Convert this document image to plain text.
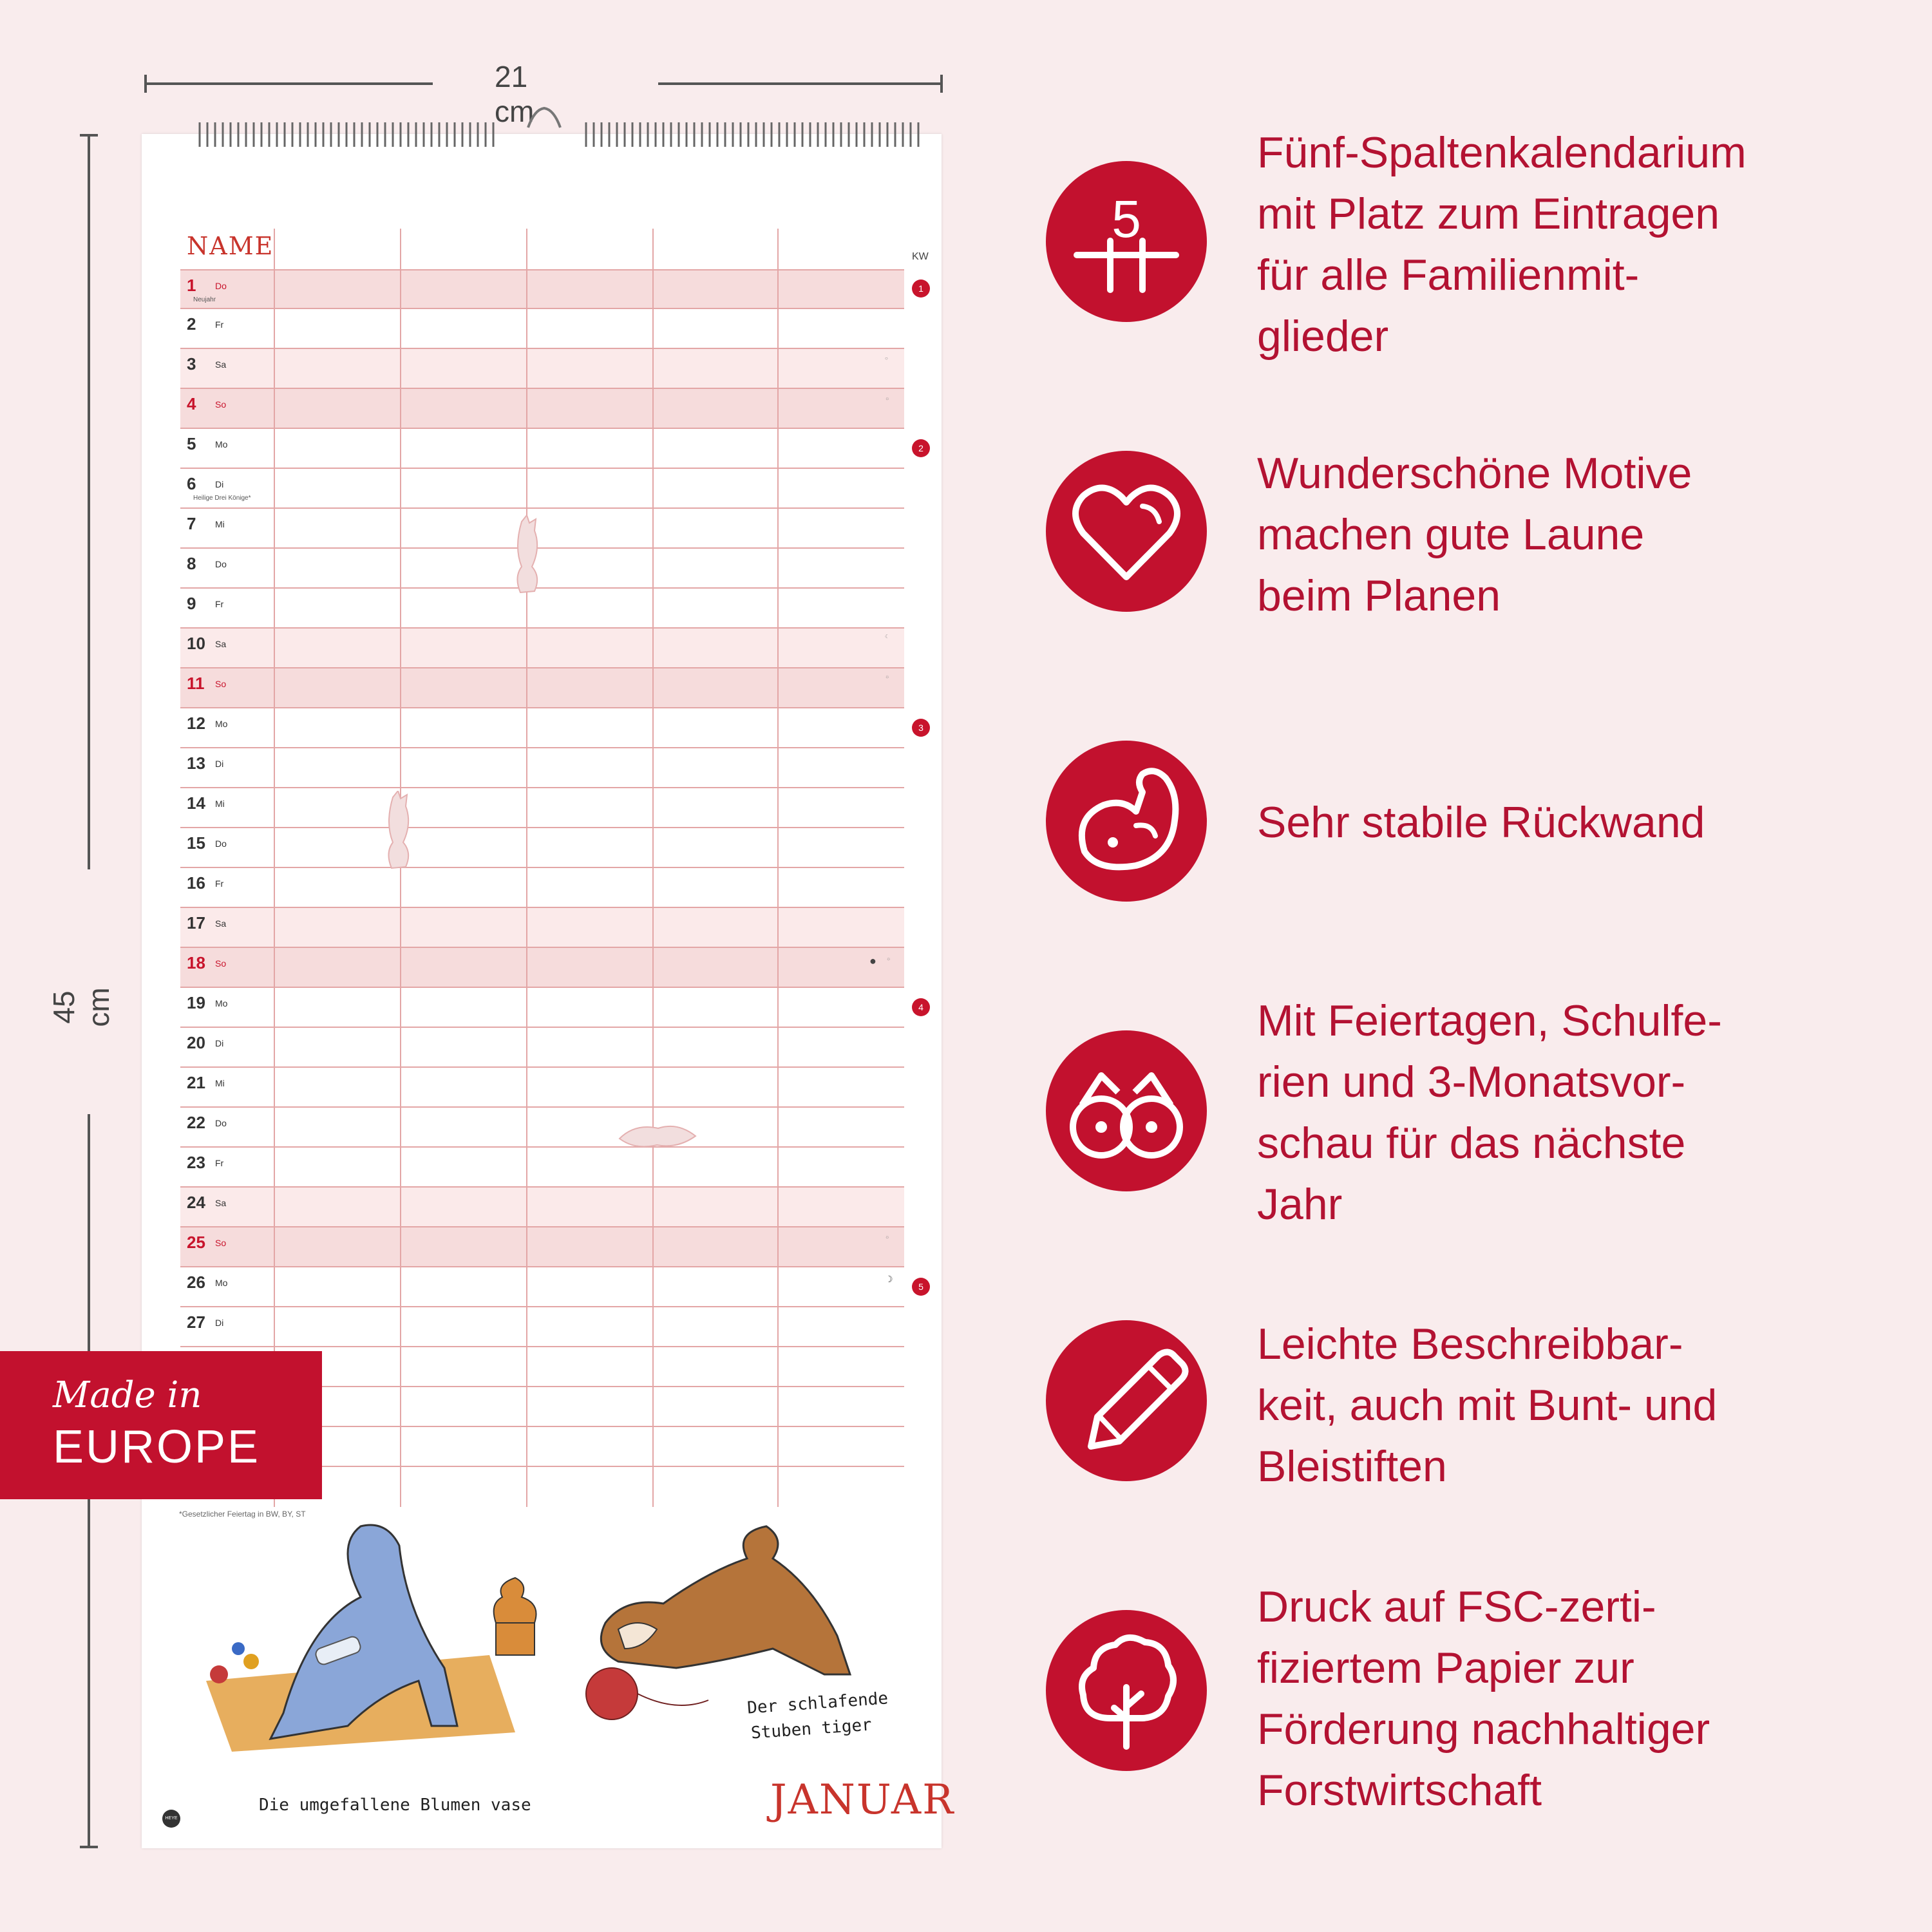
21 cm
45 cm
NAME	KW
1 Do
Neujahr
2 Fr
3 Sa
4 So
5 Mo
6 Di
Heilige Drei Könige*
7 Mi
8 Do
9 Fr
10 Sa
11 So
12 Mo
13 Di
14 Mi
15 Do
16 Fr
17 Sa
18 So
19 Mo
20 Di
21 Mi
22 Do
23 Fr
24 Sa
25 So
26 Mo
27 Di
1
2
3
4
5
○
☼
☾
☼
● ☼
☼
☽
*Gesetzlicher Feiertag in BW, BY, ST
Die umgefallene Blumen vase
Der schlafende
Stuben tiger
JANUAR
HEYE
Made in
EUROPE
5
Fünf-Spaltenkalendarium
mit Platz zum Eintragen
für alle Familienmit-
glieder
Wunderschöne Motive
machen gute Laune
beim Planen
Sehr stabile Rückwand
Mit Feiertagen, Schulfe-
rien und 3-Monatsvor-
schau für das nächste
Jahr
Leichte Beschreibbar-
keit, auch mit Bunt- und
Bleistiften
Druck auf FSC-zerti-
fiziertem Papier zur
Förderung nachhaltiger
Forstwirtschaft
